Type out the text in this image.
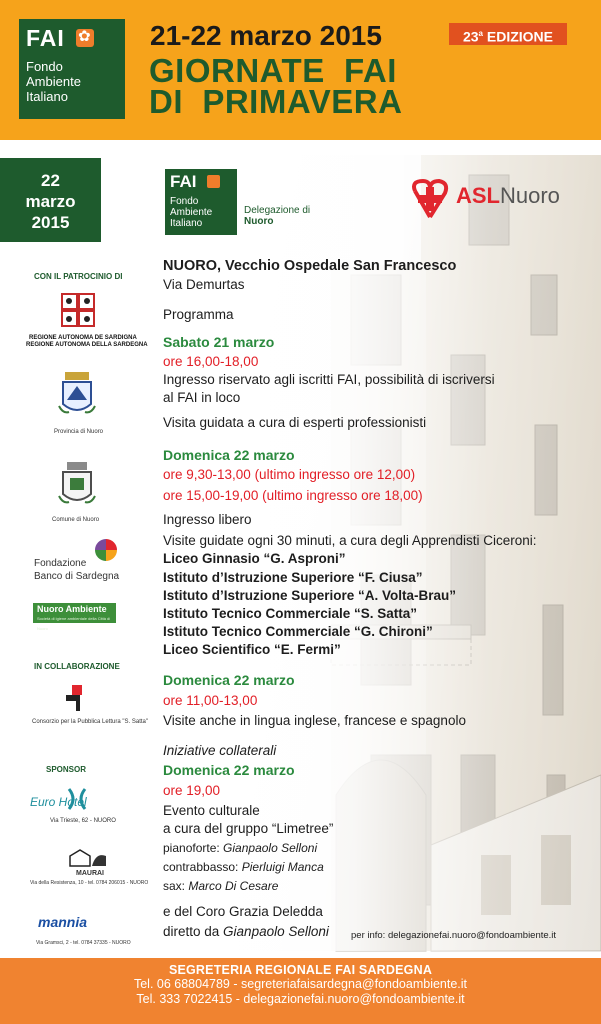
FAI
✿
Fondo
Ambiente
Italiano
21-22 marzo 2015
GIORNATE  FAI
DI  PRIMAVERA
23$^a$ EDIZIONE
22
marzo
2015
CON IL PATROCINIO DI
REGIONE AUTONOMA DE SARDIGNA
REGIONE AUTONOMA DELLA SARDEGNA
Provincia di Nuoro
Comune di Nuoro
Fondazione
Banco di Sardegna
Nuoro Ambiente
Società di igiene ambientale della Città di Nuoro
IN COLLABORAZIONE
Consorzio per la Pubblica Lettura "S. Satta"
SPONSOR
Euro Hotel
Via Trieste, 62 - NUORO
MAURAI
Via della Resistenza, 10 - tel. 0784 206015 - NUORO
mannia
Via Gramsci, 2 - tel. 0784 37335 - NUORO
FAI
Fondo
Ambiente
Italiano
Delegazione di
Nuoro
ASLNuoro
NUORO, Vecchio Ospedale San Francesco
Via Demurtas
Programma
Sabato 21 marzo
ore 16,00-18,00
Ingresso riservato agli iscritti FAI, possibilità di iscriversi
al FAI in loco
Visita guidata a cura di esperti professionisti
Domenica 22 marzo
ore 9,30-13,00 (ultimo ingresso ore 12,00)
ore 15,00-19,00 (ultimo ingresso ore 18,00)
Ingresso libero
Visite guidate ogni 30 minuti, a cura degli Apprendisti Ciceroni:
Liceo Ginnasio “G. Asproni”
Istituto d’Istruzione Superiore “F. Ciusa”
Istituto d’Istruzione Superiore “A. Volta-Brau”
Istituto Tecnico Commerciale “S. Satta”
Istituto Tecnico Commerciale “G. Chironi”
Liceo Scientifico “E. Fermi”
Domenica 22 marzo
ore 11,00-13,00
Visite anche in lingua inglese, francese e spagnolo
Iniziative collaterali
Domenica 22 marzo
ore 19,00
Evento culturale
a cura del gruppo “Limetree”
pianoforte: Gianpaolo Selloni
contrabbasso: Pierluigi Manca
sax: Marco Di Cesare
e del Coro Grazia Deledda
diretto da Gianpaolo Selloni per info: delegazionefai.nuoro@fondoambiente.it
SEGRETERIA REGIONALE FAI SARDEGNA
Tel. 06 68804789 - segreteriafaisardegna@fondoambiente.it
Tel. 333 7022415 - delegazionefai.nuoro@fondoambiente.it
